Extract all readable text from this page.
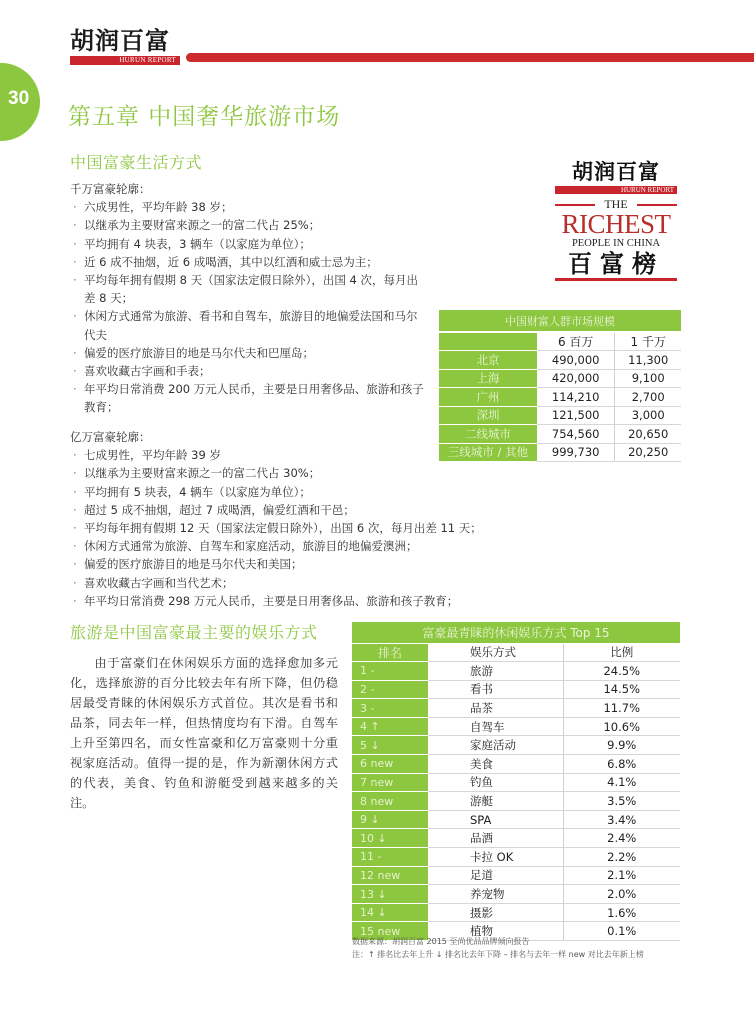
胡润百富
HURUN REPORT
30
第五章 中国奢华旅游市场
中国富豪生活方式
千万富豪轮廓：
· 六成男性，平均年龄 38 岁；
· 以继承为主要财富来源之一的富二代占 25%；
· 平均拥有 4 块表，3 辆车（以家庭为单位）；
· 近 6 成不抽烟，近 6 成喝酒，其中以红酒和威士忌为主；
· 平均每年拥有假期 8 天（国家法定假日除外），出国 4 次，每月出差 8 天；
· 休闲方式通常为旅游、看书和自驾车，旅游目的地偏爱法国和马尔代夫
· 偏爱的医疗旅游目的地是马尔代夫和巴厘岛；
· 喜欢收藏古字画和手表；
· 年平均日常消费 200 万元人民币，主要是日用奢侈品、旅游和孩子教育；
胡润百富
HURUN REPORT
THE
RICHEST
PEOPLE IN CHINA
百富榜
中国财富人群市场规模		
	6 百万	1 千万
北京	490,000	11,300
上海	420,000	9,100
广州	114,210	2,700
深圳	121,500	3,000
二线城市	754,560	20,650
三线城市 / 其他	999,730	20,250
亿万富豪轮廓：
· 七成男性，平均年龄 39 岁
· 以继承为主要财富来源之一的富二代占 30%；
· 平均拥有 5 块表，4 辆车（以家庭为单位）；
· 超过 5 成不抽烟，超过 7 成喝酒，偏爱红酒和干邑；
· 平均每年拥有假期 12 天（国家法定假日除外），出国 6 次，每月出差 11 天；
· 休闲方式通常为旅游、自驾车和家庭活动，旅游目的地偏爱澳洲；
· 偏爱的医疗旅游目的地是马尔代夫和美国；
· 喜欢收藏古字画和当代艺术；
· 年平均日常消费 298 万元人民币，主要是日用奢侈品、旅游和孩子教育；
旅游是中国富豪最主要的娱乐方式

由于富豪们在休闲娱乐方面的选择愈加多元化，选择旅游的百分比较去年有所下降，但仍稳居最受青睐的休闲娱乐方式首位。其次是看书和品茶，同去年一样，但热情度均有下滑。自驾车上升至第四名，而女性富豪和亿万富豪则十分重视家庭活动。值得一提的是，作为新潮休闲方式的代表，美食、钓鱼和游艇受到越来越多的关注。

富豪最青睐的休闲娱乐方式 Top 15		
排名	娱乐方式	比例
1 -	旅游	24.5%
2 -	看书	14.5%
3 -	品茶	11.7%
4 ↑	自驾车	10.6%
5 ↓	家庭活动	9.9%
6 new	美食	6.8%
7 new	钓鱼	4.1%
8 new	游艇	3.5%
9 ↓	SPA	3.4%
10 ↓	品酒	2.4%
11 -	卡拉 OK	2.2%
12 new	足道	2.1%
13 ↓	养宠物	2.0%
14 ↓	摄影	1.6%
15 new	植物	0.1%
数据来源：胡润百富 2015 至尚优品品牌倾向报告
注：↑ 排名比去年上升 ↓ 排名比去年下降 – 排名与去年一样 new 对比去年新上榜
